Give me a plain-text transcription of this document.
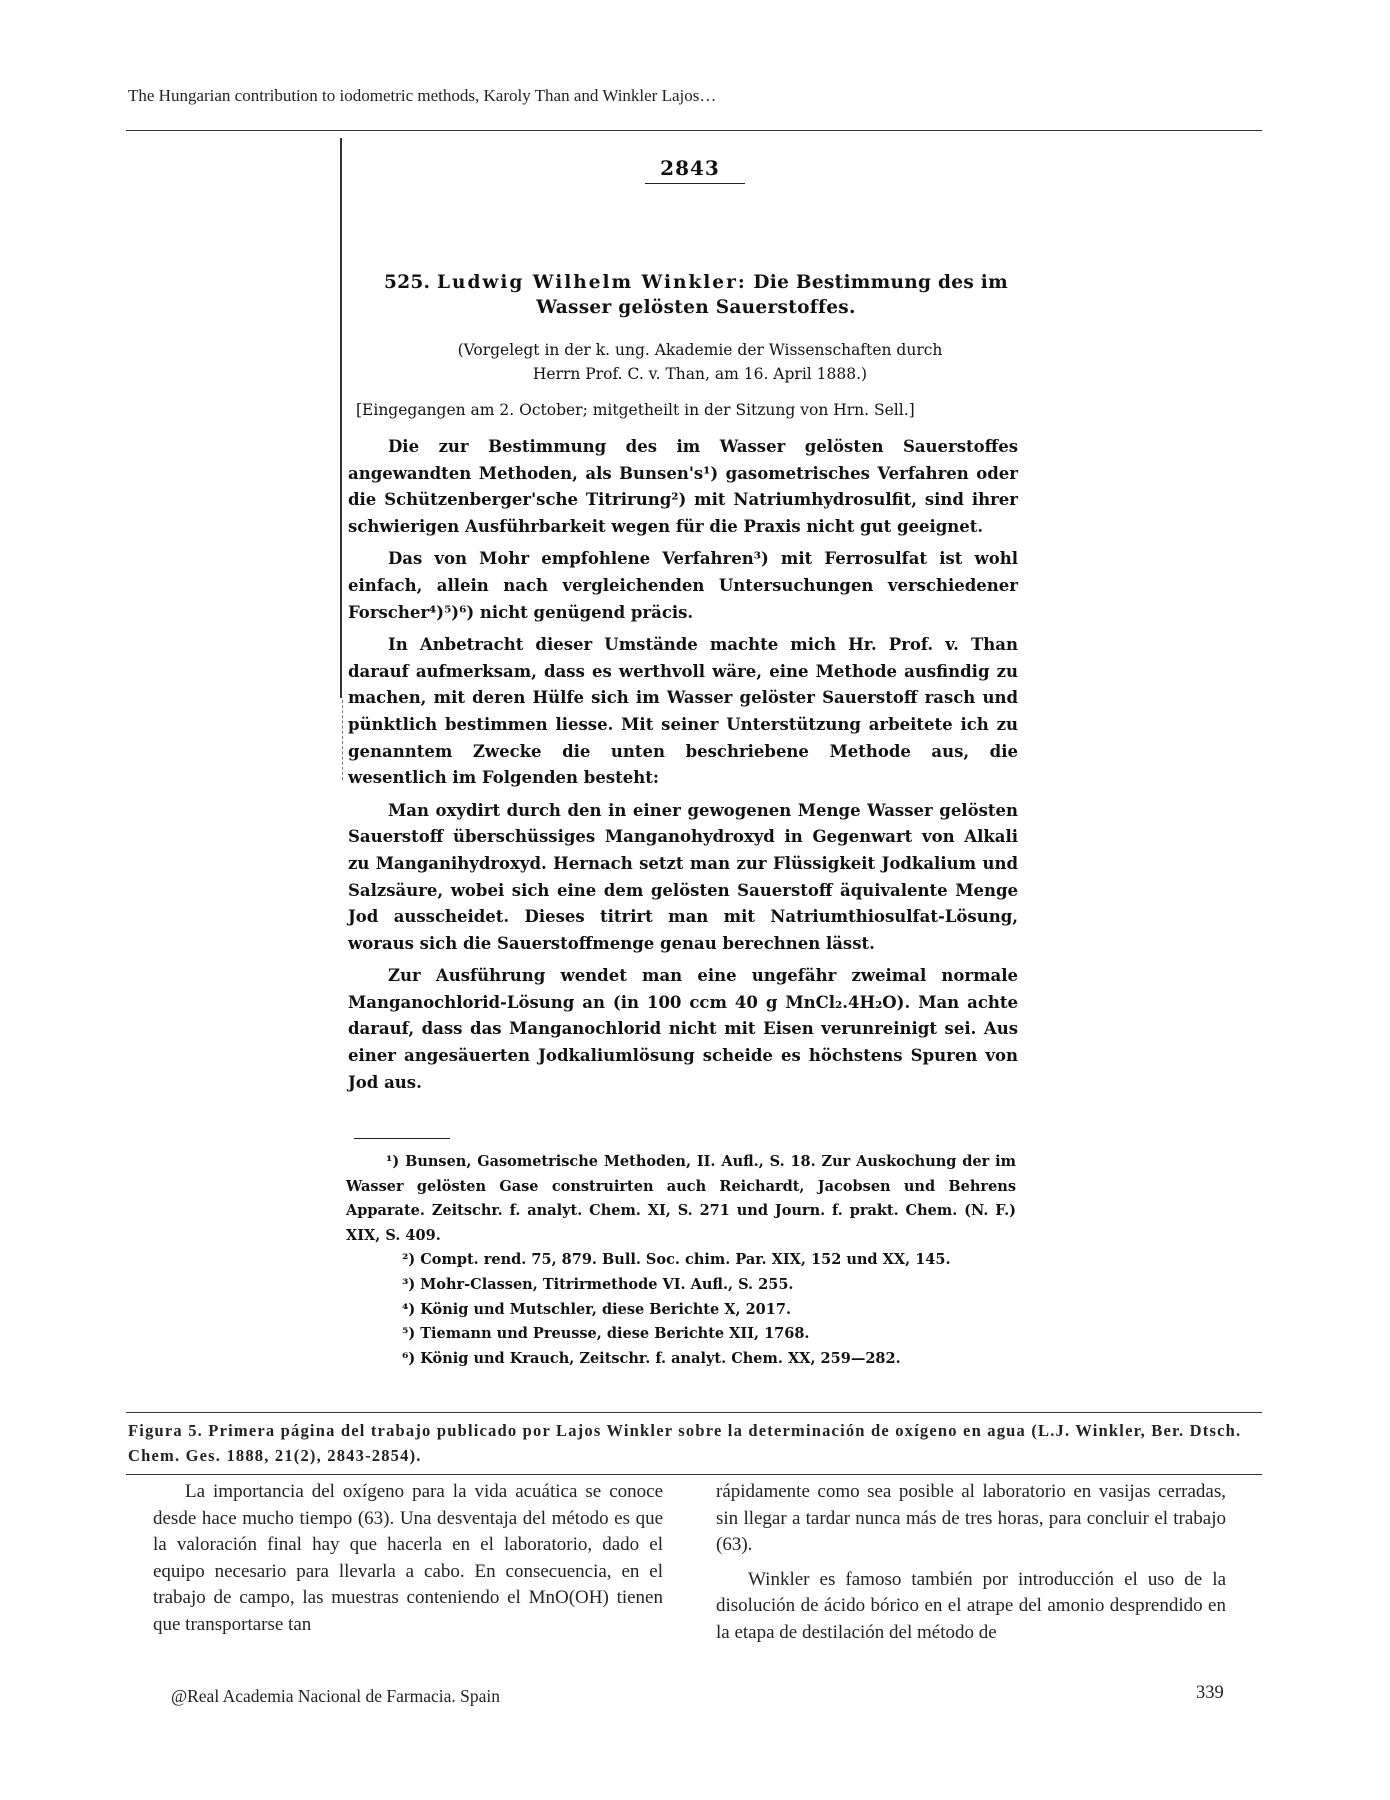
The Hungarian contribution to iodometric methods, Karoly Than and Winkler Lajos…
2843
525. Ludwig Wilhelm Winkler: Die Bestimmung des im Wasser gelösten Sauerstoffes.
(Vorgelegt in der k. ung. Akademie der Wissenschaften durch
Herrn Prof. C. v. Than, am 16. April 1888.)
[Eingegangen am 2. October; mitgetheilt in der Sitzung von Hrn. Sell.]

Die zur Bestimmung des im Wasser gelösten Sauerstoffes angewandten Methoden, als Bunsen's¹) gasometrisches Verfahren oder die Schützenberger'sche Titrirung²) mit Natriumhydrosulfit, sind ihrer schwierigen Ausführbarkeit wegen für die Praxis nicht gut geeignet.

Das von Mohr empfohlene Verfahren³) mit Ferrosulfat ist wohl einfach, allein nach vergleichenden Untersuchungen verschiedener Forscher⁴)⁵)⁶) nicht genügend präcis.

In Anbetracht dieser Umstände machte mich Hr. Prof. v. Than darauf aufmerksam, dass es werthvoll wäre, eine Methode ausfindig zu machen, mit deren Hülfe sich im Wasser gelöster Sauerstoff rasch und pünktlich bestimmen liesse. Mit seiner Unterstützung arbeitete ich zu genanntem Zwecke die unten beschriebene Methode aus, die wesentlich im Folgenden besteht:

Man oxydirt durch den in einer gewogenen Menge Wasser gelösten Sauerstoff überschüssiges Manganohydroxyd in Gegenwart von Alkali zu Manganihydroxyd. Hernach setzt man zur Flüssigkeit Jodkalium und Salzsäure, wobei sich eine dem gelösten Sauerstoff äquivalente Menge Jod ausscheidet. Dieses titrirt man mit Natriumthiosulfat-Lösung, woraus sich die Sauerstoffmenge genau berechnen lässt.

Zur Ausführung wendet man eine ungefähr zweimal normale Manganochlorid-Lösung an (in 100 ccm 40 g MnCl₂.4H₂O). Man achte darauf, dass das Manganochlorid nicht mit Eisen verunreinigt sei. Aus einer angesäuerten Jodkaliumlösung scheide es höchstens Spuren von Jod aus.

¹) Bunsen, Gasometrische Methoden, II. Aufl., S. 18. Zur Auskochung der im Wasser gelösten Gase construirten auch Reichardt, Jacobsen und Behrens Apparate. Zeitschr. f. analyt. Chem. XI, S. 271 und Journ. f. prakt. Chem. (N. F.) XIX, S. 409.

²) Compt. rend. 75, 879. Bull. Soc. chim. Par. XIX, 152 und XX, 145.

³) Mohr-Classen, Titrirmethode VI. Aufl., S. 255.

⁴) König und Mutschler, diese Berichte X, 2017.

⁵) Tiemann und Preusse, diese Berichte XII, 1768.

⁶) König und Krauch, Zeitschr. f. analyt. Chem. XX, 259—282.

Figura 5. Primera página del trabajo publicado por Lajos Winkler sobre la determinación de oxígeno en agua (L.J. Winkler, Ber. Dtsch. Chem. Ges. 1888, 21(2), 2843-2854).

La importancia del oxígeno para la vida acuática se conoce desde hace mucho tiempo (63). Una desventaja del método es que la valoración final hay que hacerla en el laboratorio, dado el equipo necesario para llevarla a cabo. En consecuencia, en el trabajo de campo, las muestras conteniendo el MnO(OH) tienen que transportarse tan

rápidamente como sea posible al laboratorio en vasijas cerradas, sin llegar a tardar nunca más de tres horas, para concluir el trabajo (63).

Winkler es famoso también por introducción el uso de la disolución de ácido bórico en el atrape del amonio desprendido en la etapa de destilación del método de

@Real Academia Nacional de Farmacia. Spain	339
